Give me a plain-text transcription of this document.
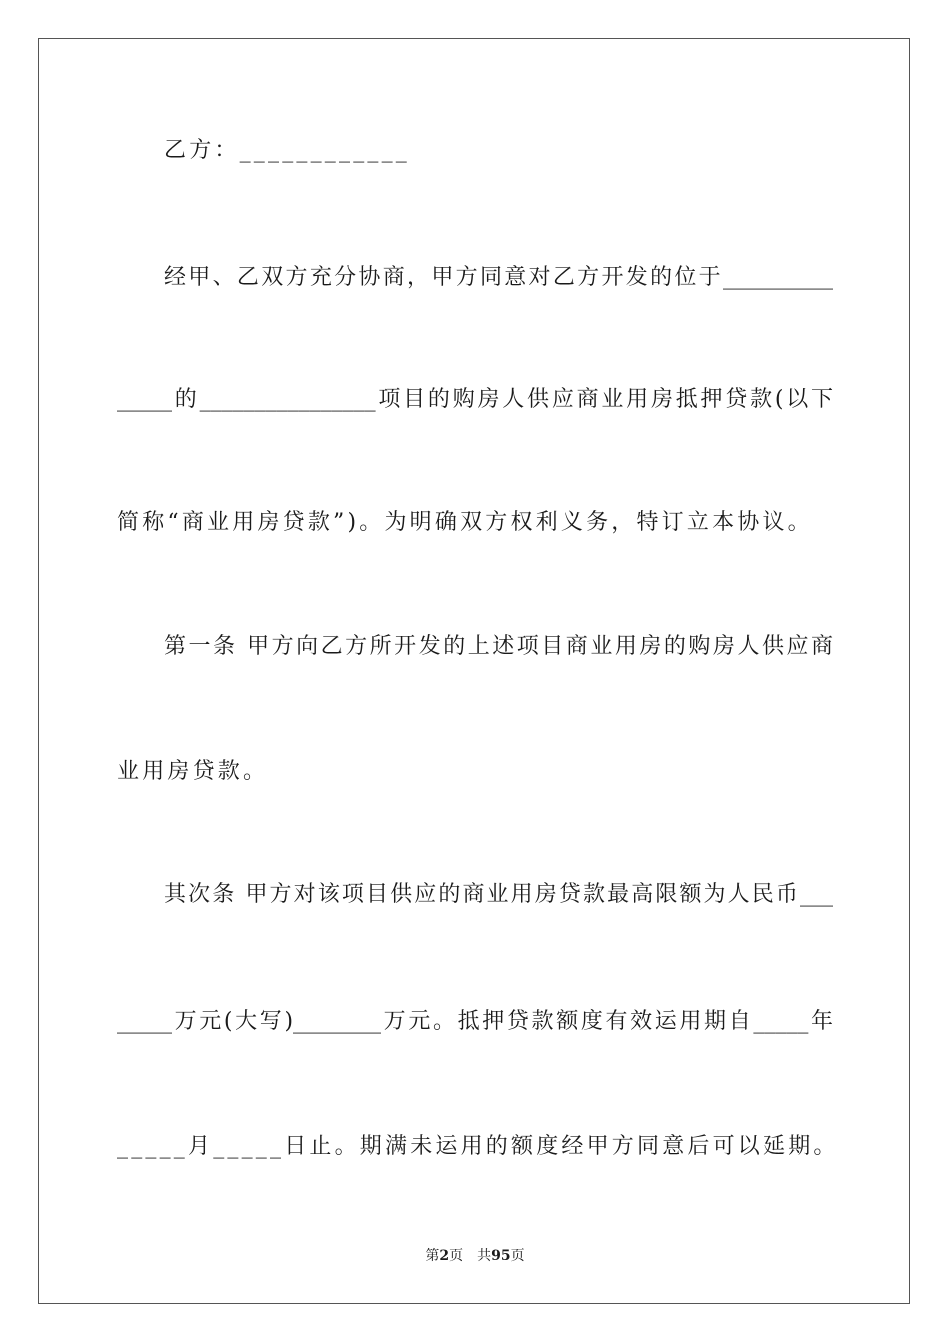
乙方：____________
经甲、乙双方充分协商，甲方同意对乙方开发的位于__________
_____的________________项目的购房人供应商业用房抵押贷款(以下
简称“商业用房贷款”)。为明确双方权利义务，特订立本协议。
第一条 甲方向乙方所开发的上述项目商业用房的购房人供应商
业用房贷款。
其次条 甲方对该项目供应的商业用房贷款最高限额为人民币___
_____万元(大写)________万元。抵押贷款额度有效运用期自_____年
_____月_____日止。期满未运用的额度经甲方同意后可以延期。
第2页 共95页
